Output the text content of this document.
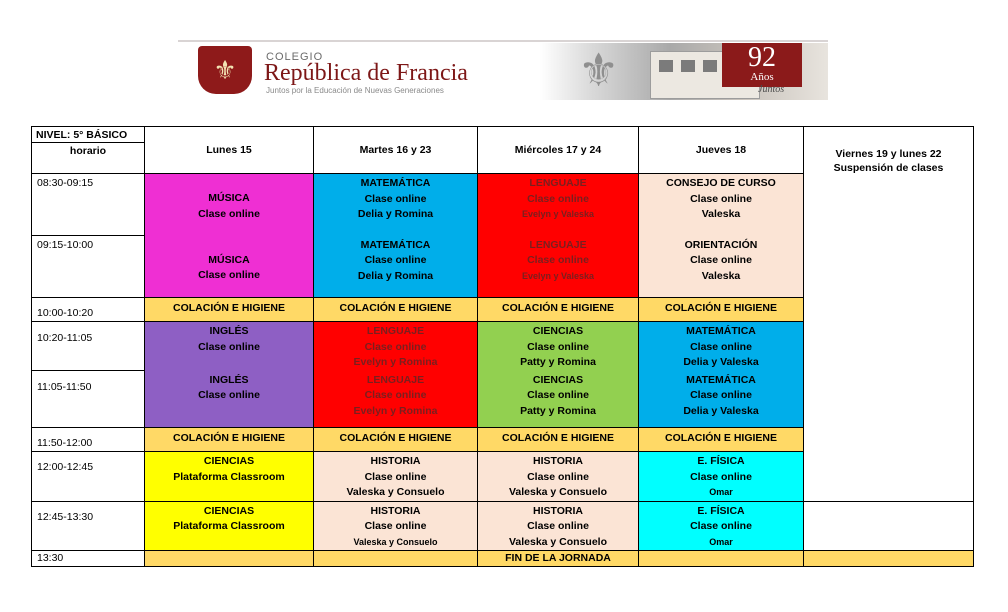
⚜	COLEGIO
República de Francia
Juntos por la Educación de Nuevas Generaciones	⚜	92
Años
Juntos
NIVEL: 5° BÁSICO	Lunes 15	Martes 16 y 23	Miércoles 17 y 24	Jueves 18	Viernes 19 y lunes 22
Suspensión de clases	

horario						
08:30-09:15	MÚSICA
Clase online	MATEMÁTICA
Clase online
Delia y Romina	LENGUAJE
Clase online
Evelyn y Valeska	CONSEJO DE CURSO
Clase online
Valeska		

09:15-10:00	MÚSICA
Clase online	MATEMÁTICA
Clase online
Delia y Romina	LENGUAJE
Clase online
Evelyn y Valeska	ORIENTACIÓN
Clase online
Valeska		

10:00-10:20	COLACIÓN E HIGIENE	COLACIÓN E HIGIENE	COLACIÓN E HIGIENE	COLACIÓN E HIGIENE		
10:20-11:05	INGLÉS
Clase online	LENGUAJE
Clase online
Evelyn y Romina	CIENCIAS
Clase online
Patty y Romina	MATEMÁTICA
Clase online
Delia y Valeska		

11:05-11:50	INGLÉS
Clase online	LENGUAJE
Clase online
Evelyn y Romina	CIENCIAS
Clase online
Patty y Romina	MATEMÁTICA
Clase online
Delia y Valeska		

11:50-12:00	COLACIÓN E HIGIENE	COLACIÓN E HIGIENE	COLACIÓN E HIGIENE	COLACIÓN E HIGIENE		
12:00-12:45	CIENCIAS
Plataforma Classroom	HISTORIA
Clase online
Valeska y Consuelo	HISTORIA
Clase online
Valeska y Consuelo	E. FÍSICA
Clase online
Omar		

12:45-13:30	CIENCIAS
Plataforma Classroom	HISTORIA
Clase online
Valeska y Consuelo	HISTORIA
Clase online
Valeska y Consuelo	E. FÍSICA
Clase online
Omar		

13:30			FIN DE LA JORNADA			
